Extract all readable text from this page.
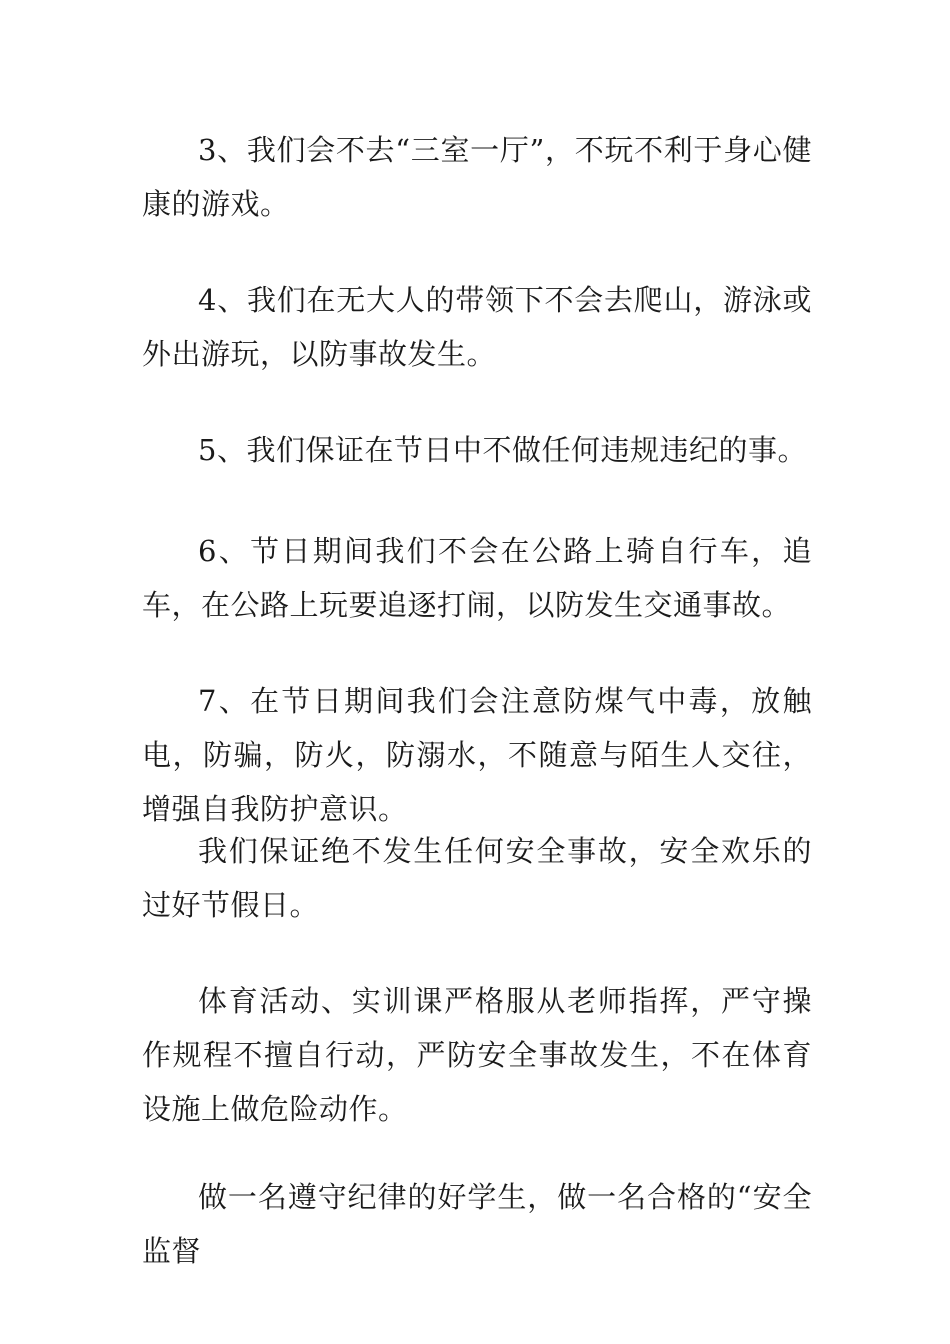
3、我们会不去“三室一厅”，不玩不利于身心健康的游戏。

4、我们在无大人的带领下不会去爬山，游泳或外出游玩，以防事故发生。

5、我们保证在节日中不做任何违规违纪的事。

6、节日期间我们不会在公路上骑自行车，追车，在公路上玩要追逐打闹，以防发生交通事故。

7、在节日期间我们会注意防煤气中毒，放触电，防骗，防火，防溺水，不随意与陌生人交往，增强自我防护意识。

我们保证绝不发生任何安全事故，安全欢乐的过好节假日。

体育活动、实训课严格服从老师指挥，严守操作规程不擅自行动，严防安全事故发生，不在体育设施上做危险动作。

做一名遵守纪律的好学生，做一名合格的“安全监督
